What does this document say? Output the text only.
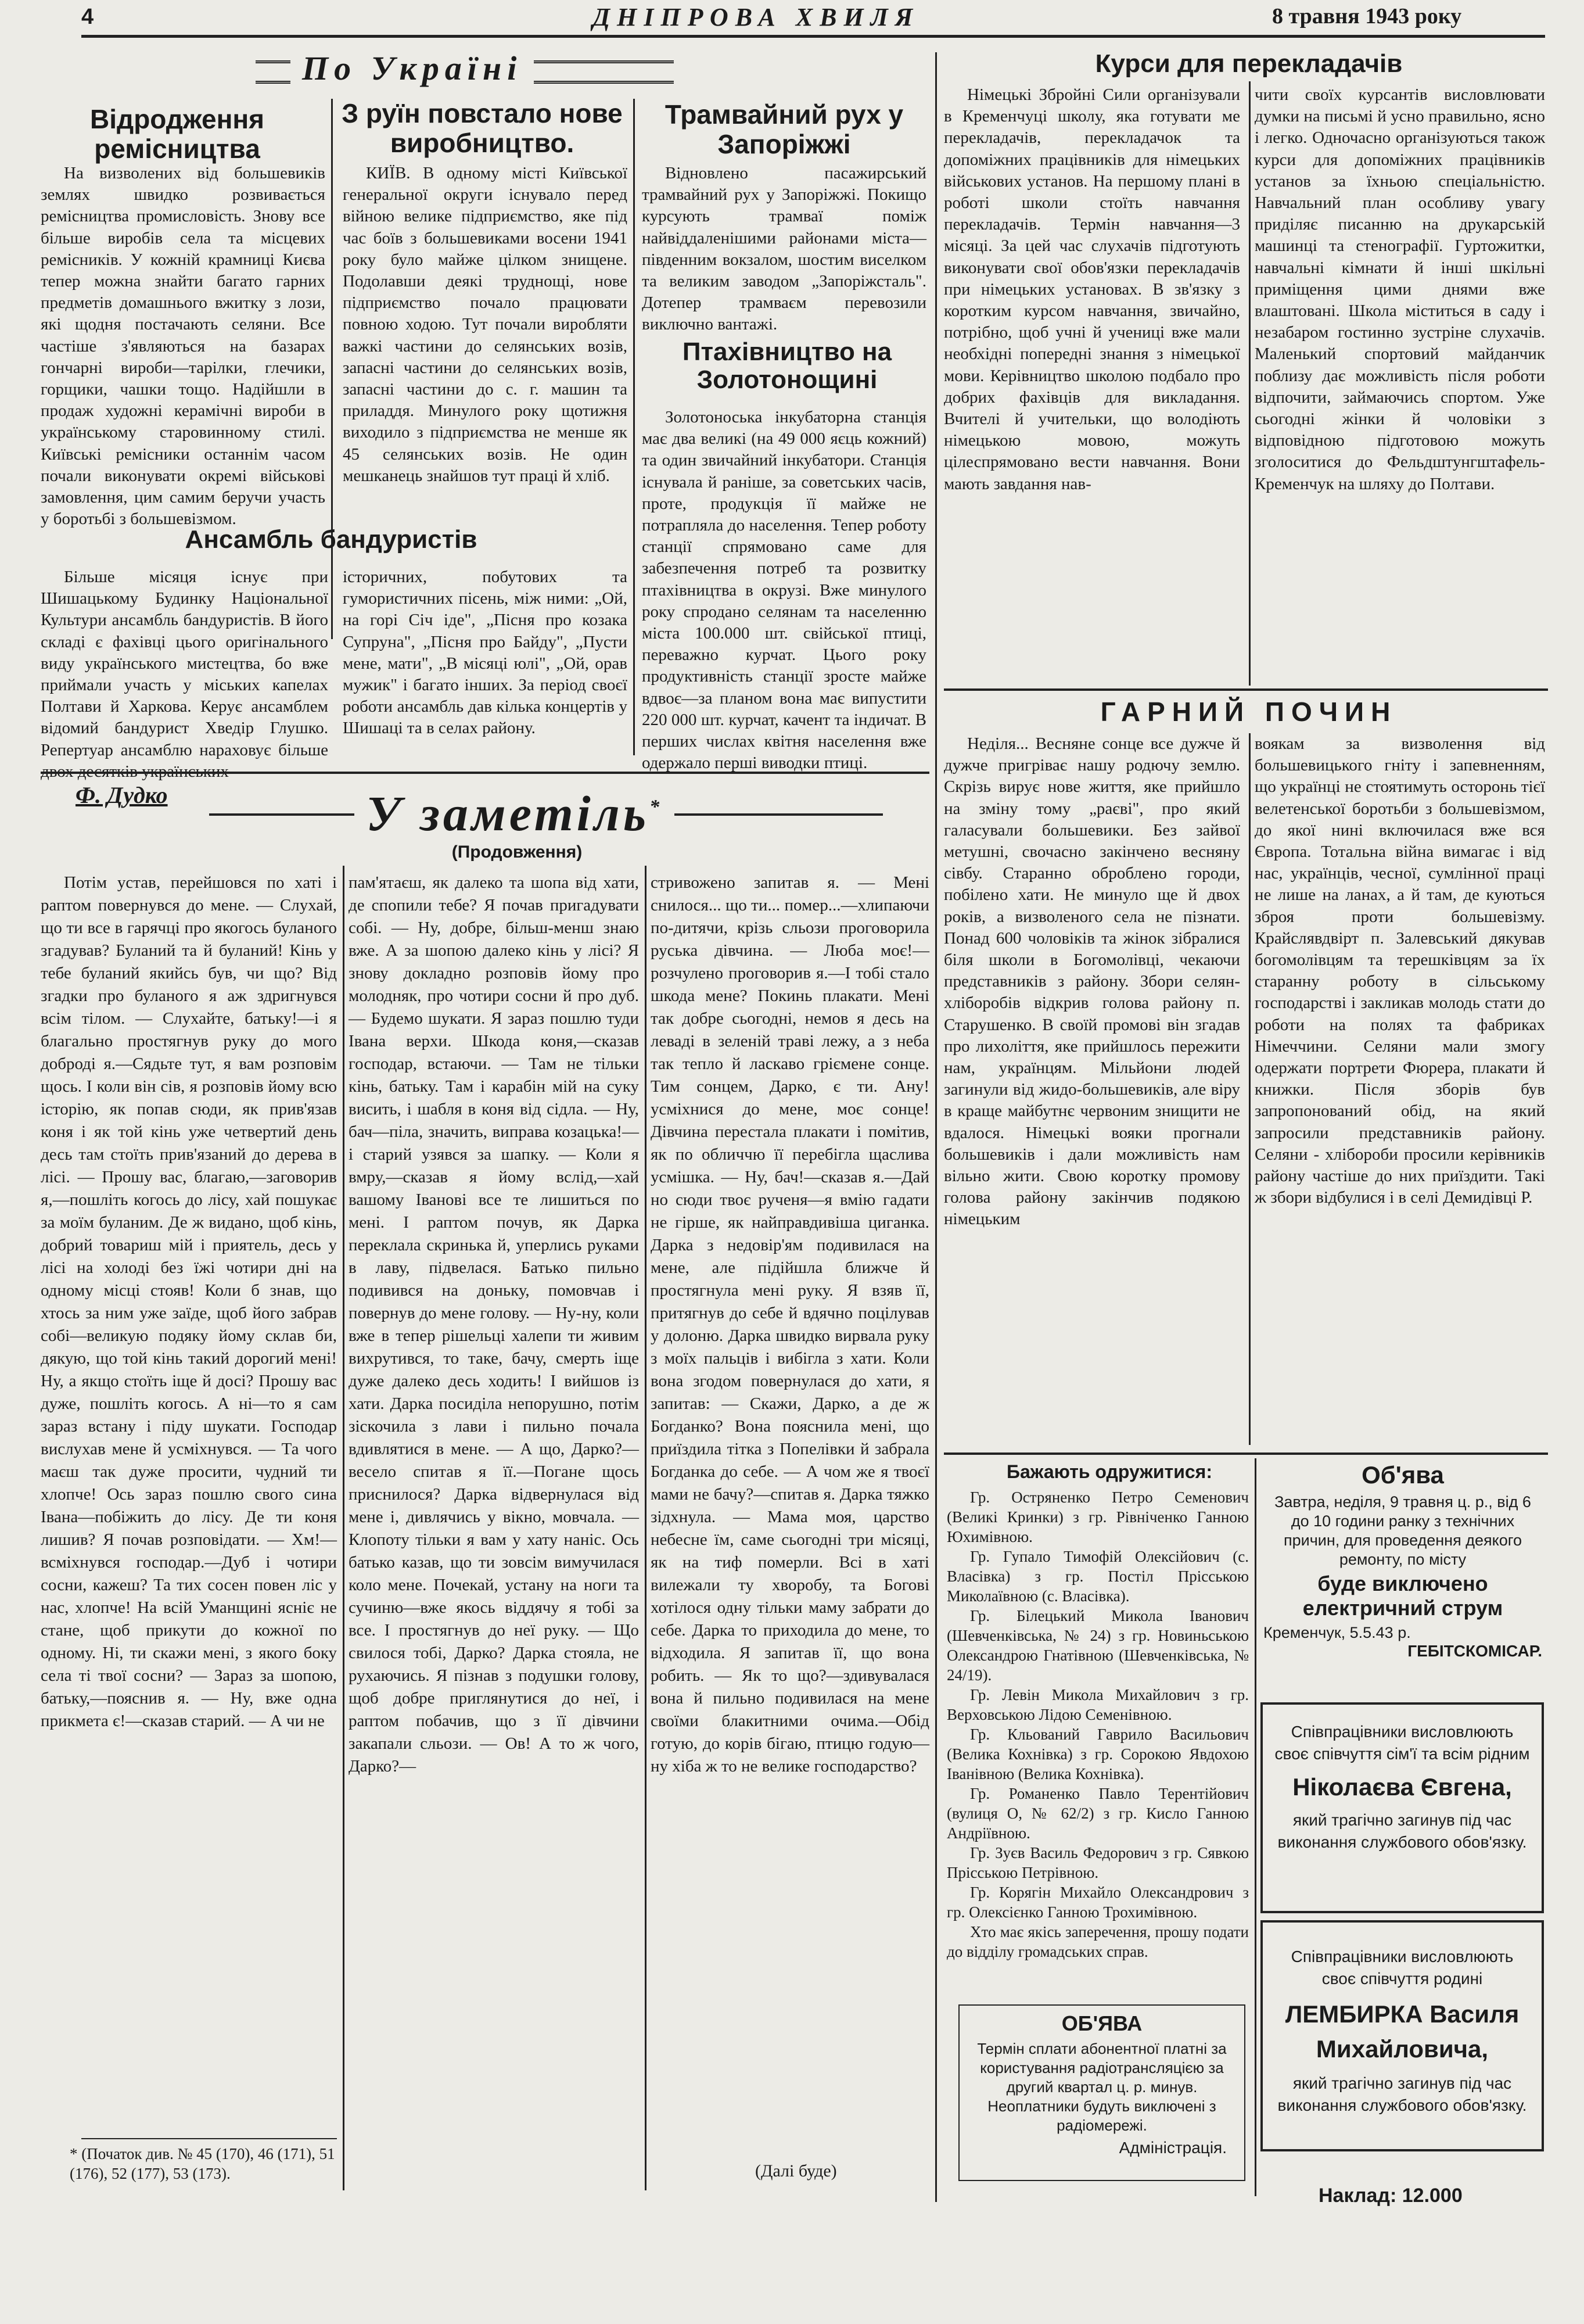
4	ДНІПРОВА ХВИЛЯ	8 травня 1943 року
По Україні
Відродження ремісництва

На визволених від большевиків землях швидко розвивається ремісництва промисловість. Знову все більше виробів села та місцевих ремісників. У кожній крамниці Києва тепер можна знайти багато гарних предметів домашнього вжитку з лози, які щодня постачають селяни. Все частіше з'являються на базарах гончарні вироби—тарілки, глечики, горщики, чашки тощо. Надійшли в продаж художні керамічні вироби в українському старовинному стилі. Київські ремісники останнім часом почали виконувати окремі військові замовлення, цим самим беручи участь у боротьбі з большевізмом.

З руїн повстало нове виробництво.

КИЇВ. В одному місті Київської генеральної округи існувало перед війною велике підприємство, яке під час боїв з большевиками восени 1941 року було майже цілком знищене. Подолавши деякі труднощі, нове підприємство почало працювати повною ходою. Тут почали виробляти важкі частини до селянських возів, запасні частини до селянських возів, запасні частини до с. г. машин та приладдя. Минулого року щотижня виходило з підприємства не менше як 45 селянських возів. Не один мешканець знайшов тут праці й хліб.

Трамвайний рух у Запоріжжі

Відновлено пасажирський трамвайний рух у Запоріжжі. Покищо курсують трамваї поміж найвіддаленішими районами міста—південним вокзалом, шостим виселком та великим заводом „Запоріжсталь". Дотепер трамваєм перевозили виключно вантажі.

Птахівництво на Золотонощині

Золотоноська інкубаторна станція має два великі (на 49 000 яєць кожний) та один звичайний інкубатори. Станція існувала й раніше, за советських часів, проте, продукція її майже не потрапляла до населення. Тепер роботу станції спрямовано саме для забезпечення потреб та розвитку птахівництва в окрузі. Вже минулого року спродано селянам та населенню міста 100.000 шт. свійської птиці, переважно курчат. Цього року продуктивність станції зросте майже вдвоє—за планом вона має випустити 220 000 шт. курчат, качент та індичат. В перших числах квітня населення вже одержало перші виводки птиці.

Ансамбль бандуристів

Більше місяця існує при Шишацькому Будинку Національної Культури ансамбль бандуристів. В його складі є фахівці цього оригінального виду українського мистецтва, бо вже приймали участь у міських капелах Полтави й Харкова. Керує ансамблем відомий бандурист Хведір Глушко. Репертуар ансамблю нараховує більше двох десятків українських

історичних, побутових та гумористичних пісень, між ними: „Ой, на горі Січ іде", „Пісня про козака Супруна", „Пісня про Байду", „Пусти мене, мати", „В місяці юлі", „Ой, орав мужик" і багато інших. За період своєї роботи ансамбль дав кілька концертів у Шишаці та в селах району.

Курси для перекладачів

Німецькі Збройні Сили організували в Кременчуці школу, яка готувати ме перекладачів, перекладачок та допоміжних працівників для німецьких військових установ. На першому плані в роботі школи стоїть навчання перекладачів. Термін навчання—3 місяці. За цей час слухачів підготують виконувати свої обов'язки перекладачів при німецьких установах. В зв'язку з коротким курсом навчання, звичайно, потрібно, щоб учні й учениці вже мали необхідні попередні знання з німецької мови. Керівництво школою подбало про добрих фахівців для викладання. Вчителі й учительки, що володіють німецькою мовою, можуть цілеспрямовано вести навчання. Вони мають завдання нав-

чити своїх курсантів висловлювати думки на письмі й усно правильно, ясно і легко. Одночасно організуються також курси для допоміжних працівників установ за їхньою спеціальністю. Навчальний план особливу увагу приділяє писанню на друкарській машинці та стенографії. Гуртожитки, навчальні кімнати й інші шкільні приміщення цими днями вже влаштовані. Школа міститься в саду і незабаром гостинно зустріне слухачів. Маленький спортовий майданчик поблизу дає можливість після роботи відпочити, займаючись спортом. Уже сьогодні жінки й чоловіки з відповідною підготовою можуть зголоситися до Фельдштунгштафель-Кременчук на шляху до Полтави.

ГАРНИЙ ПОЧИН

Неділя... Весняне сонце все дужче й дужче пригріває нашу родючу землю. Скрізь вирує нове життя, яке прийшло на зміну тому „раєві", про який галасували большевики. Без зайвої метушні, свочасно закінчено весняну сівбу. Старанно оброблено городи, побілено хати. Не минуло ще й двох років, а визволеного села не пізнати. Понад 600 чоловіків та жінок зібралися біля школи в Богомолівці, чекаючи представників з району. Збори селян-хліборобів відкрив голова району п. Старушенко. В своїй промові він згадав про лихоліття, яке прийшлось пережити нам, українцям. Мільйони людей загинули від жидо-большевиків, але віру в краще майбутнє червоним знищити не вдалося. Німецькі вояки прогнали большевиків і дали можливість нам вільно жити. Свою коротку промову голова району закінчив подякою німецьким

воякам за визволення від большевицького гніту і запевненням, що українці не стоятимуть осторонь тієї велетенської боротьби з большевізмом, до якої нині включилася вже вся Європа. Тотальна війна вимагає і від нас, українців, чесної, сумлінної праці не лише на ланах, а й там, де куються зброя проти большевізму. Крайслявдвірт п. Залевський дякував богомолівцям та терешківцям за їх старанну роботу в сільському господарстві і закликав молодь стати до роботи на полях та фабриках Німеччини. Селяни мали змогу одержати портрети Фюрера, плакати й книжки. Після зборів був запропонований обід, на який запросили представників району. Селяни - хлібороби просили керівників району частіше до них приїздити. Такі ж збори відбулися і в селі Демидівці Р.

Ф. Дудко	У заметіль*
(Продовження)

Потім устав, перейшовся по хаті і раптом повернувся до мене. — Слухай, що ти все в гарячці про якогось буланого згадував? Буланий та й буланий! Кінь у тебе буланий якийсь був, чи що? Від згадки про буланого я аж здригнувся всім тілом. — Слухайте, батьку!—і я благально простягнув руку до мого доброді я.—Сядьте тут, я вам розповім щось. І коли він сів, я розповів йому всю історію, як попав сюди, як прив'язав коня і як той кінь уже четвертий день десь там стоїть прив'язаний до дерева в лісі. — Прошу вас, благаю,—заговорив я,—пошліть когось до лісу, хай пошукає за моїм буланим. Де ж видано, щоб кінь, добрий товариш мій і приятель, десь у лісі на холоді без їжі чотири дні на одному місці стояв! Коли б знав, що хтось за ним уже заїде, щоб його забрав собі—великую подяку йому склав би, дякую, що той кінь такий дорогий мені! Ну, а якщо стоїть іще й досі? Прошу вас дуже, пошліть когось. А ні—то я сам зараз встану і піду шукати. Господар вислухав мене й усміхнувся. — Та чого маєш так дуже просити, чудний ти хлопче! Ось зараз пошлю свого сина Івана—побіжить до лісу. Де ти коня лишив? Я почав розповідати. — Хм!—всміхнувся господар.—Дуб і чотири сосни, кажеш? Та тих сосен повен ліс у нас, хлопче! На всій Уманщині ясніє не стане, щоб прикути до кожної по одному. Ні, ти скажи мені, з якого боку села ті твої сосни? — Зараз за шопою, батьку,—пояснив я. — Ну, вже одна прикмета є!—сказав старий. — А чи не

пам'ятаєш, як далеко та шопа від хати, де спопили тебе? Я почав пригадувати собі. — Ну, добре, більш-менш знаю вже. А за шопою далеко кінь у лісі? Я знову докладно розповів йому про молодняк, про чотири сосни й про дуб. — Будемо шукати. Я зараз пошлю туди Івана верхи. Шкода коня,—сказав господар, встаючи. — Там не тільки кінь, батьку. Там і карабін мій на суку висить, і шабля в коня від сідла. — Ну, бач—піла, значить, виправа козацька!—і старий узявся за шапку. — Коли я вмру,—сказав я йому вслід,—хай вашому Іванові все те лишиться по мені. І раптом почув, як Дарка переклала скринька й, уперлись руками в лаву, підвелася. Батько пильно подивився на доньку, помовчав і повернув до мене голову. — Ну-ну, коли вже в тепер рішельці халепи ти живим вихрутився, то таке, бачу, смерть іще дуже далеко десь ходить! І вийшов із хати. Дарка посиділа непорушно, потім зіскочила з лави і пильно почала вдивлятися в мене. — А що, Дарко?—весело спитав я її.—Погане щось приснилося? Дарка відвернулася від мене і, дивлячись у вікно, мовчала. — Клопоту тільки я вам у хату наніс. Ось батько казав, що ти зовсім вимучилася коло мене. Почекай, устану на ноги та сучиню—вже якось віддячу я тобі за все. І простягнув до неї руку. — Що свилося тобі, Дарко? Дарка стояла, не рухаючись. Я пізнав з подушки голову, щоб добре приглянутися до неї, і раптом побачив, що з її дівчини закапали сльози. — Ов! А то ж чого, Дарко?—

стривожено запитав я. — Мені снилося... що ти... помер...—хлипаючи по-дитячи, крізь сльози проговорила руська дівчина. — Люба моє!—розчулено проговорив я.—І тобі стало шкода мене? Покинь плакати. Мені так добре сьогодні, немов я десь на леваді в зеленій траві лежу, а з неба так тепло й ласкаво гріємене сонце. Тим сонцем, Дарко, є ти. Ану! усміхнися до мене, моє сонце! Дівчина перестала плакати і помітив, як по обличчю її перебігла щаслива усмішка. — Ну, бач!—сказав я.—Дай но сюди твоє рученя—я вмію гадати не гірше, як найправдивіша циганка. Дарка з недовір'ям подивилася на мене, але підійшла ближче й простягнула мені руку. Я взяв її, притягнув до себе й вдячно поцілував у долоню. Дарка швидко вирвала руку з моїх пальців і вибігла з хати. Коли вона згодом повернулася до хати, я запитав: — Скажи, Дарко, а де ж Богданко? Вона пояснила мені, що приїздила тітка з Попелівки й забрала Богданка до себе. — А чом же я твоєї мами не бачу?—спитав я. Дарка тяжко зідхнула. — Мама моя, царство небесне їм, саме сьогодні три місяці, як на тиф померли. Всі в хаті вилежали ту хворобу, та Богові хотілося одну тільки маму забрати до себе. Дарка то приходила до мене, то відходила. Я запитав її, що вона робить. — Як то що?—здивувалася вона й пильно подивилася на мене своїми блакитними очима.—Обід готую, до корів бігаю, птицю годую—ну хіба ж то не велике господарство?

(Далі буде)
* (Початок див. № 45 (170), 46 (171), 51 (176), 52 (177), 53 (173).
Бажають одружитися:

Гр. Остряненко Петро Семенович (Великі Кринки) з гр. Рівніченко Ганною Юхимівною.

Гр. Гупало Тимофій Олексійович (с. Власівка) з гр. Постіл Прісською Миколаївною (с. Власівка).

Гр. Білецький Микола Іванович (Шевченківська, № 24) з гр. Новиньською Олександрою Гнатівною (Шевченківська, № 24/19).

Гр. Левін Микола Михайлович з гр. Верховською Лідою Семенівною.

Гр. Кльований Гаврило Васильович (Велика Кохнівка) з гр. Сорокою Явдохою Іванівною (Велика Кохнівка).

Гр. Романенко Павло Терентійович (вулиця О, № 62/2) з гр. Кисло Ганною Андріївною.

Гр. Зуєв Василь Федорович з гр. Сявкою Прісською Петрівною.

Гр. Корягін Михайло Олександрович з гр. Олексієнко Ганною Трохимівною.

Хто має якісь заперечення, прошу подати до відділу громадських справ.

Об'ява
Завтра, неділя, 9 травня ц. р., від 6 до 10 години ранку з технічних причин, для проведення деякого ремонту, по місту
буде виключено електричний струм
Кременчук, 5.5.43 р.
ГЕБІТСКОМІСАР.
Співпрацівники висловлюють своє співчуття сім'ї та всім рідним
Ніколаєва Євгена,
який трагічно загинув під час виконання службового обов'язку.
ОБ'ЯВА
Термін сплати абонентної платні за користування радіотрансляцією за другий квартал ц. р. минув. Неоплатники будуть виключені з радіомережі.
Адміністрація.
Співпрацівники висловлюють своє співчуття родині
ЛЕМБИРКА Василя Михайловича,
який трагічно загинув під час виконання службового обов'язку.
Наклад: 12.000
